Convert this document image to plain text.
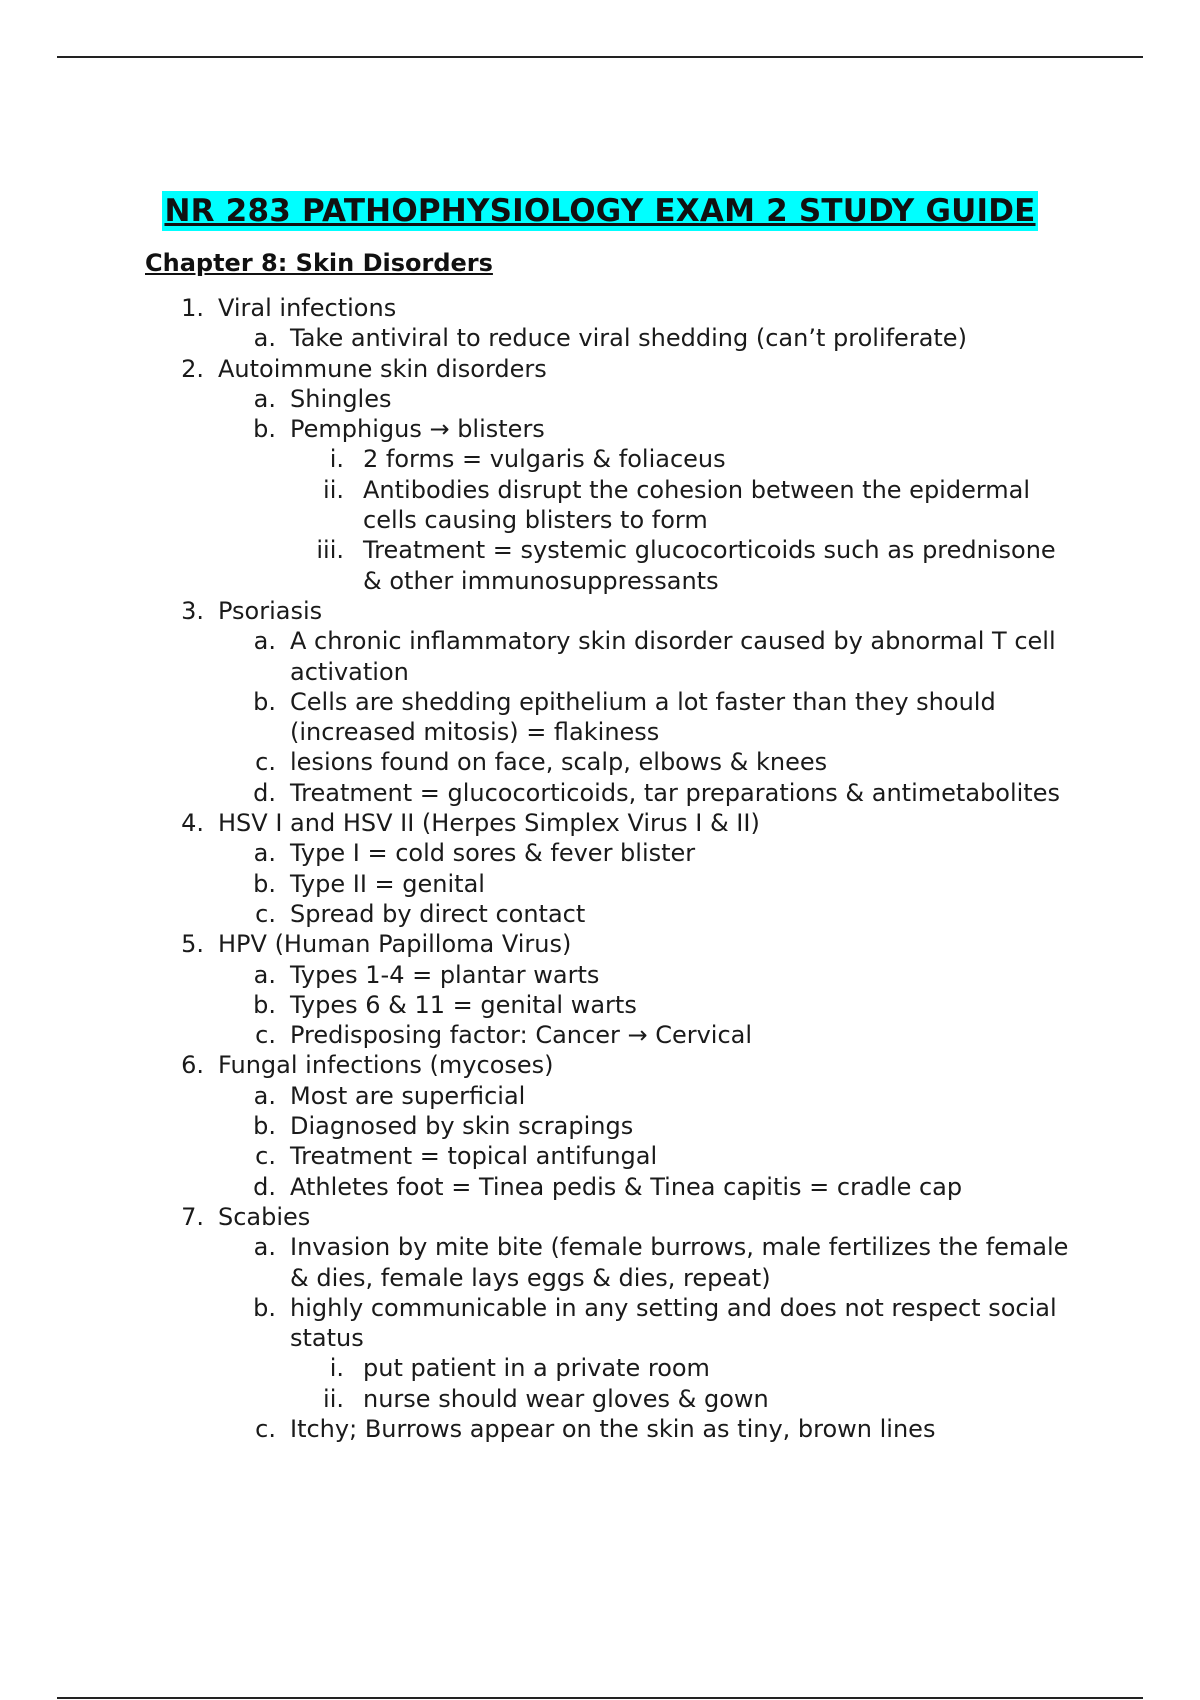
NR 283 PATHOPHYSIOLOGY EXAM 2 STUDY GUIDE
Chapter 8: Skin Disorders
1. Viral infections
a. Take antiviral to reduce viral shedding (can’t proliferate)
2. Autoimmune skin disorders
a. Shingles
b. Pemphigus → blisters
i. 2 forms = vulgaris & foliaceus
ii. Antibodies disrupt the cohesion between the epidermal
cells causing blisters to form
iii. Treatment = systemic glucocorticoids such as prednisone
& other immunosuppressants
3. Psoriasis
a. A chronic inflammatory skin disorder caused by abnormal T cell
activation
b. Cells are shedding epithelium a lot faster than they should
(increased mitosis) = flakiness
c. lesions found on face, scalp, elbows & knees
d. Treatment = glucocorticoids, tar preparations & antimetabolites
4. HSV I and HSV II (Herpes Simplex Virus I & II)
a. Type I = cold sores & fever blister
b. Type II = genital
c. Spread by direct contact
5. HPV (Human Papilloma Virus)
a. Types 1-4 = plantar warts
b. Types 6 & 11 = genital warts
c. Predisposing factor: Cancer → Cervical
6. Fungal infections (mycoses)
a. Most are superficial
b. Diagnosed by skin scrapings
c. Treatment = topical antifungal
d. Athletes foot = Tinea pedis & Tinea capitis = cradle cap
7. Scabies
a. Invasion by mite bite (female burrows, male fertilizes the female
& dies, female lays eggs & dies, repeat)
b. highly communicable in any setting and does not respect social
status
i. put patient in a private room
ii. nurse should wear gloves & gown
c. Itchy; Burrows appear on the skin as tiny, brown lines
